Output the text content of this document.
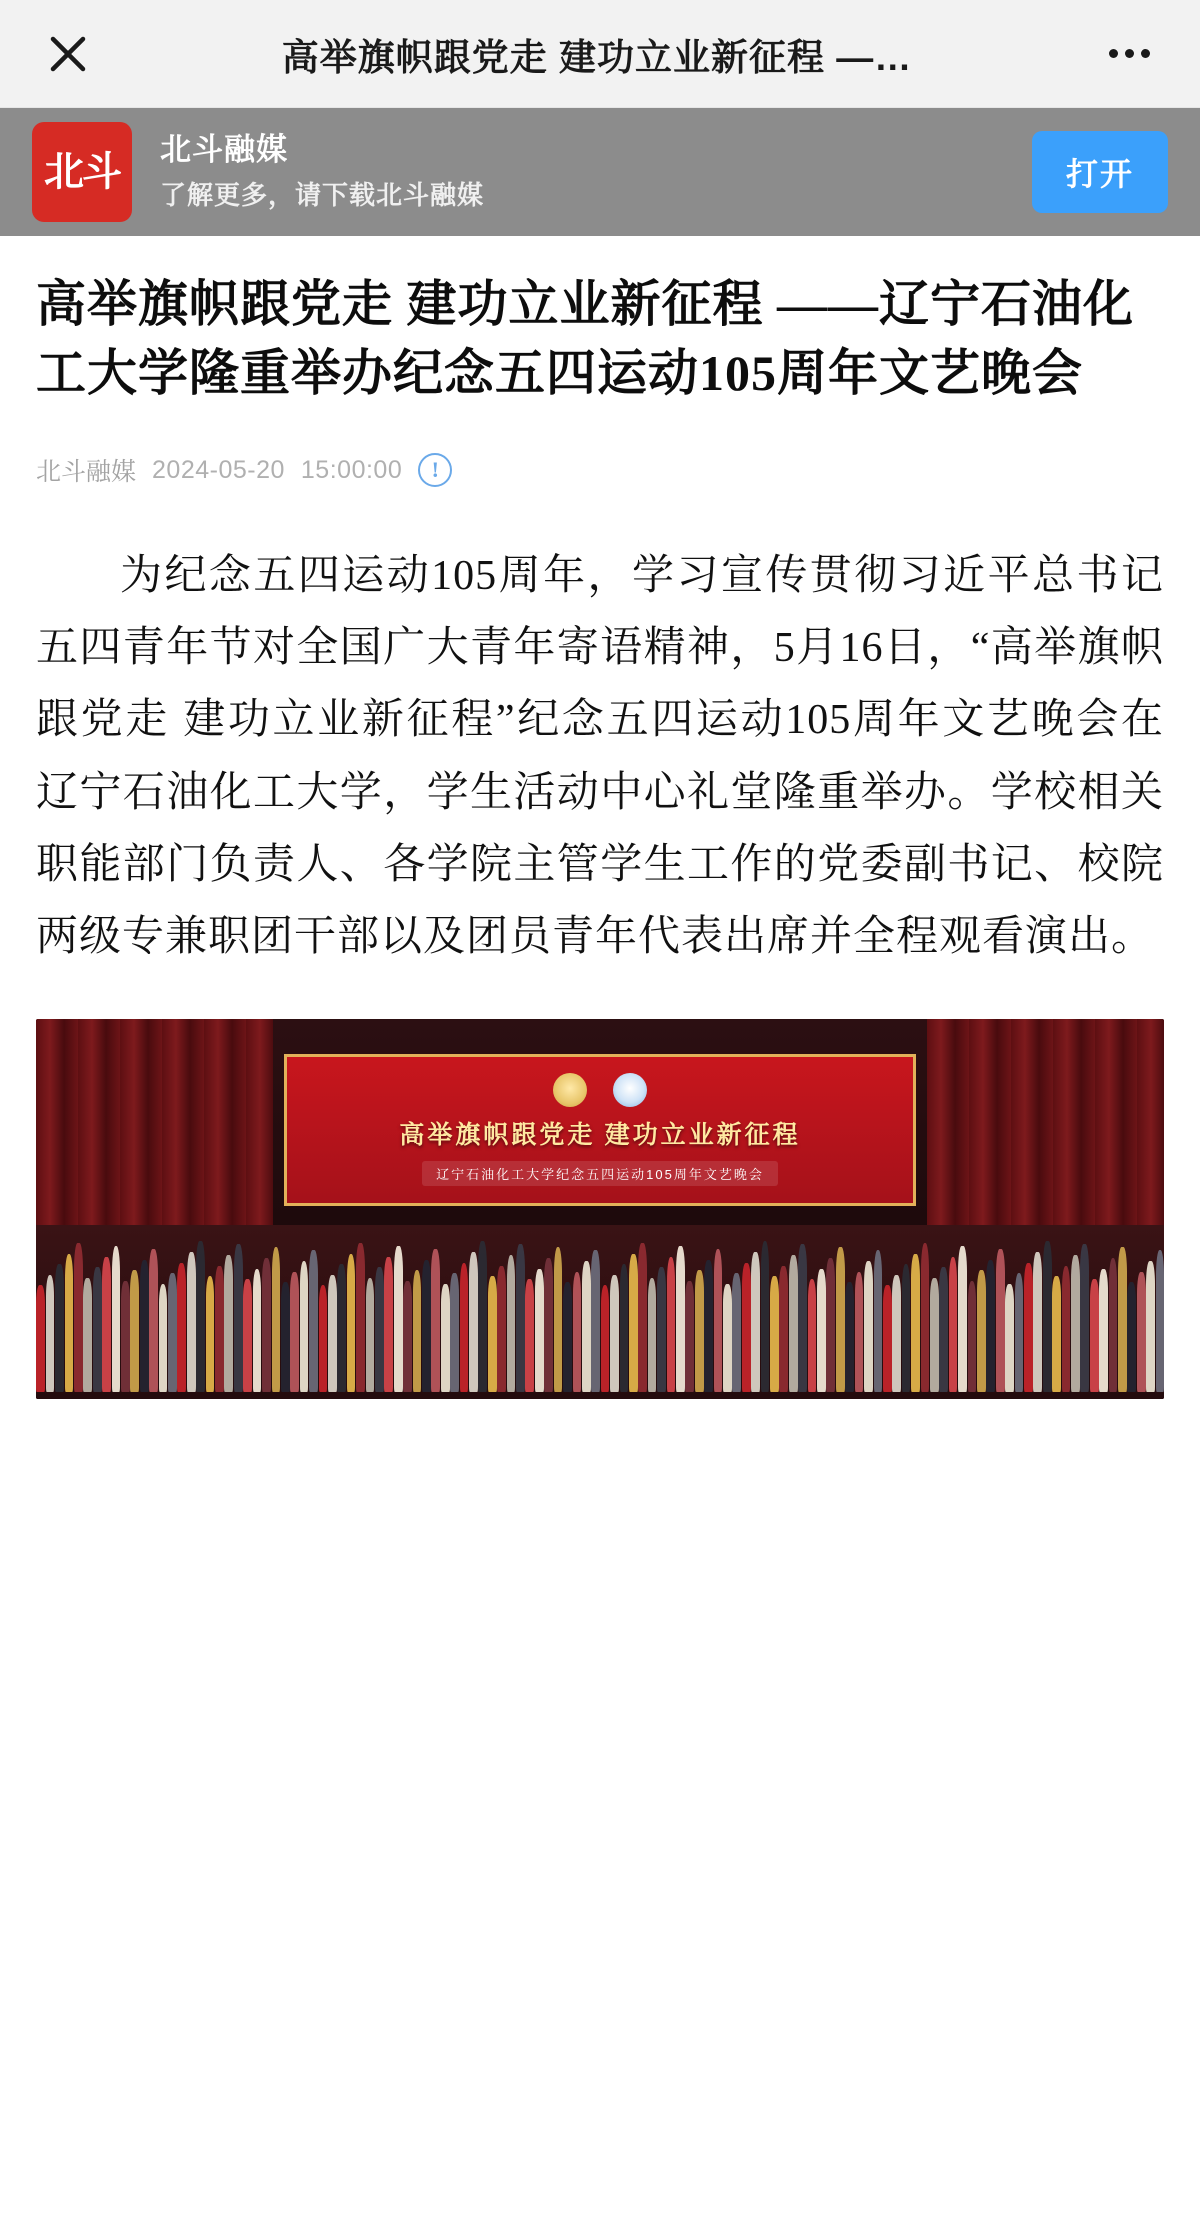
高举旗帜跟党走 建功立业新征程 —…
北斗	北斗融媒
了解更多，请下载北斗融媒
打开
高举旗帜跟党走 建功立业新征程 ——辽宁石油化工大学隆重举办纪念五四运动105周年文艺晚会
北斗融媒 2024-05-20 15:00:00	!

为纪念五四运动105周年，学习宣传贯彻习近平总书记五四青年节对全国广大青年寄语精神，5月16日，“高举旗帜跟党走 建功立业新征程”纪念五四运动105周年文艺晚会在辽宁石油化工大学，学生活动中心礼堂隆重举办。学校相关职能部门负责人、各学院主管学生工作的党委副书记、校院两级专兼职团干部以及团员青年代表出席并全程观看演出。

高举旗帜跟党走 建功立业新征程
辽宁石油化工大学纪念五四运动105周年文艺晚会
